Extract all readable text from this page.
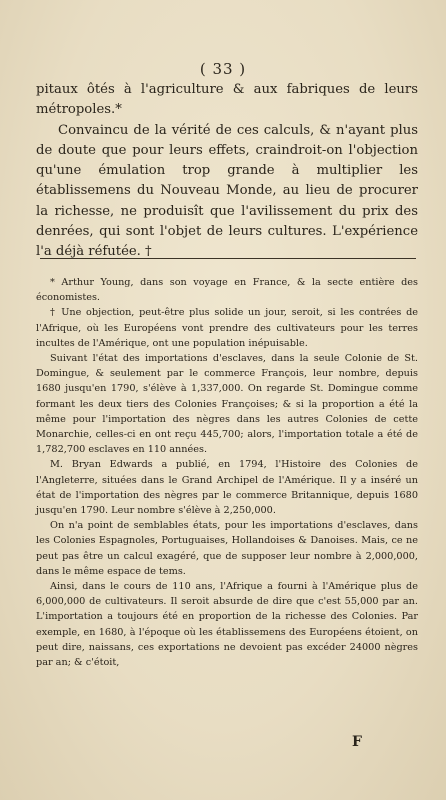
( 33 )

pitaux ôtés à l'agriculture & aux fabriques de leurs métropoles.*

Convaincu de la vérité de ces calculs, & n'ayant plus de doute que pour leurs effets, craindroit-on l'objection qu'une émulation trop grande à multiplier les établissemens du Nouveau Monde, au lieu de procurer la richesse, ne produisît que l'avilissement du prix des denrées, qui sont l'objet de leurs cultures. L'expérience l'a déjà réfutée. †

* Arthur Young, dans son voyage en France, & la secte entière des économistes.

† Une objection, peut-être plus solide un jour, seroit, si les contrées de l'Afrique, où les Européens vont prendre des cultivateurs pour les terres incultes de l'Amérique, ont une population inépuisable.

Suivant l'état des importations d'esclaves, dans la seule Colonie de St. Domingue, & seulement par le commerce François, leur nombre, depuis 1680 jusqu'en 1790, s'élève à 1,337,000. On regarde St. Domingue comme formant les deux tiers des Colonies Françoises; & si la proportion a été la même pour l'importation des nègres dans les autres Colonies de cette Monarchie, celles-ci en ont reçu 445,700; alors, l'importation totale a été de 1,782,700 esclaves en 110 années.

M. Bryan Edwards a publié, en 1794, l'Histoire des Colonies de l'Angleterre, situées dans le Grand Archipel de l'Amérique. Il y a inséré un état de l'importation des nègres par le commerce Britannique, depuis 1680 jusqu'en 1790. Leur nombre s'élève à 2,250,000.

On n'a point de semblables états, pour les importations d'esclaves, dans les Colonies Espagnoles, Portuguaises, Hollandoises & Danoises. Mais, ce ne peut pas être un calcul exagéré, que de supposer leur nombre à 2,000,000, dans le même espace de tems.

Ainsi, dans le cours de 110 ans, l'Afrique a fourni à l'Amérique plus de 6,000,000 de cultivateurs. Il seroit absurde de dire que c'est 55,000 par an. L'importation a toujours été en proportion de la richesse des Colonies. Par exemple, en 1680, à l'époque où les établissemens des Européens étoient, on peut dire, naissans, ces exportations ne devoient pas excéder 24000 nègres par an; & c'étoit,

F
